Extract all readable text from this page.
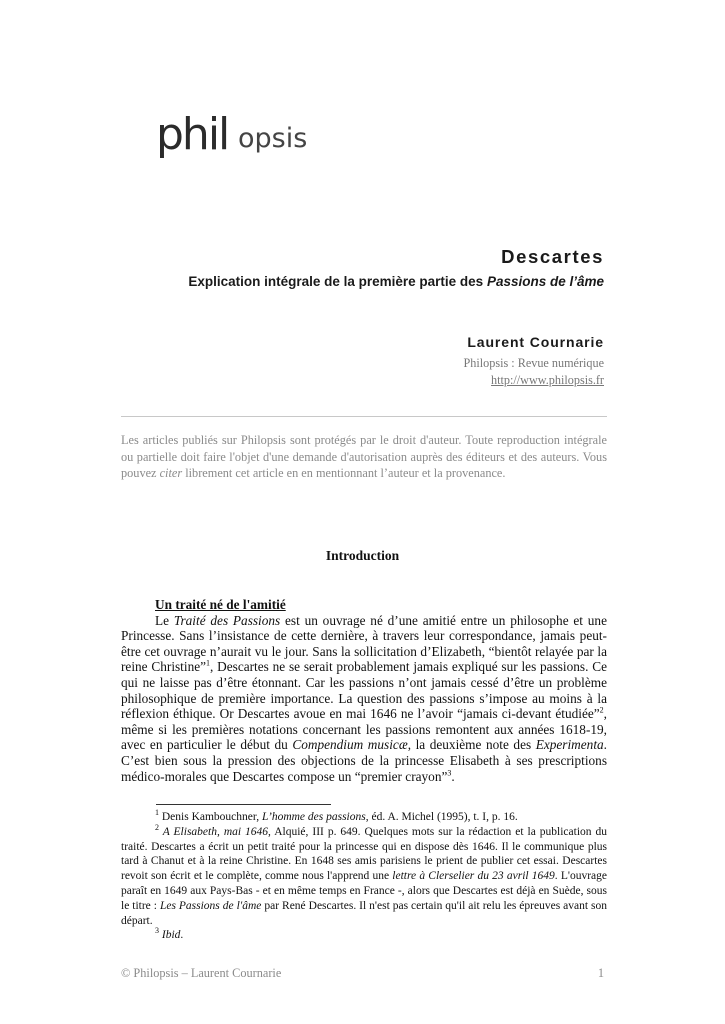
phil opsis
Descartes
Explication intégrale de la première partie des Passions de l’âme
Laurent Cournarie
Philopsis : Revue numérique
http://www.philopsis.fr
Les articles publiés sur Philopsis sont protégés par le droit d'auteur. Toute reproduction intégrale ou partielle doit faire l'objet d'une demande d'autorisation auprès des éditeurs et des auteurs. Vous pouvez citer librement cet article en en mentionnant l’auteur et la provenance.
Introduction
Un traité né de l'amitié

Le Traité des Passions est un ouvrage né d’une amitié entre un philosophe et une Princesse. Sans l’insistance de cette dernière, à travers leur correspondance, jamais peut-être cet ouvrage n’aurait vu le jour. Sans la sollicitation d’Elizabeth, “bientôt relayée par la reine Christine”$^1$, Descartes ne se serait probablement jamais expliqué sur les passions. Ce qui ne laisse pas d’être étonnant. Car les passions n’ont jamais cessé d’être un problème philosophique de première importance. La question des passions s’impose au moins à la réflexion éthique. Or Descartes avoue en mai 1646 ne l’avoir “jamais ci-devant étudiée”$^2$, même si les premières notations concernant les passions remontent aux années 1618-19, avec en particulier le début du Compendium musicæ, la deuxième note des Experimenta. C’est bien sous la pression des objections de la princesse Elisabeth à ses prescriptions médico-morales que Descartes compose un “premier crayon”$^3$.

$^1$ Denis Kambouchner, L’homme des passions, éd. A. Michel (1995), t. I, p. 16.

$^2$ A Elisabeth, mai 1646, Alquié, III p. 649. Quelques mots sur la rédaction et la publication du traité. Descartes a écrit un petit traité pour la princesse qui en dispose dès 1646. Il le communique plus tard à Chanut et à la reine Christine. En 1648 ses amis parisiens le prient de publier cet essai. Descartes revoit son écrit et le complète, comme nous l'apprend une lettre à Clerselier du 23 avril 1649. L'ouvrage paraît en 1649 aux Pays-Bas - et en même temps en France -, alors que Descartes est déjà en Suède, sous le titre : Les Passions de l'âme par René Descartes. Il n'est pas certain qu'il ait relu les épreuves avant son départ.

$^3$ Ibid.

© Philopsis – Laurent Cournarie	1
